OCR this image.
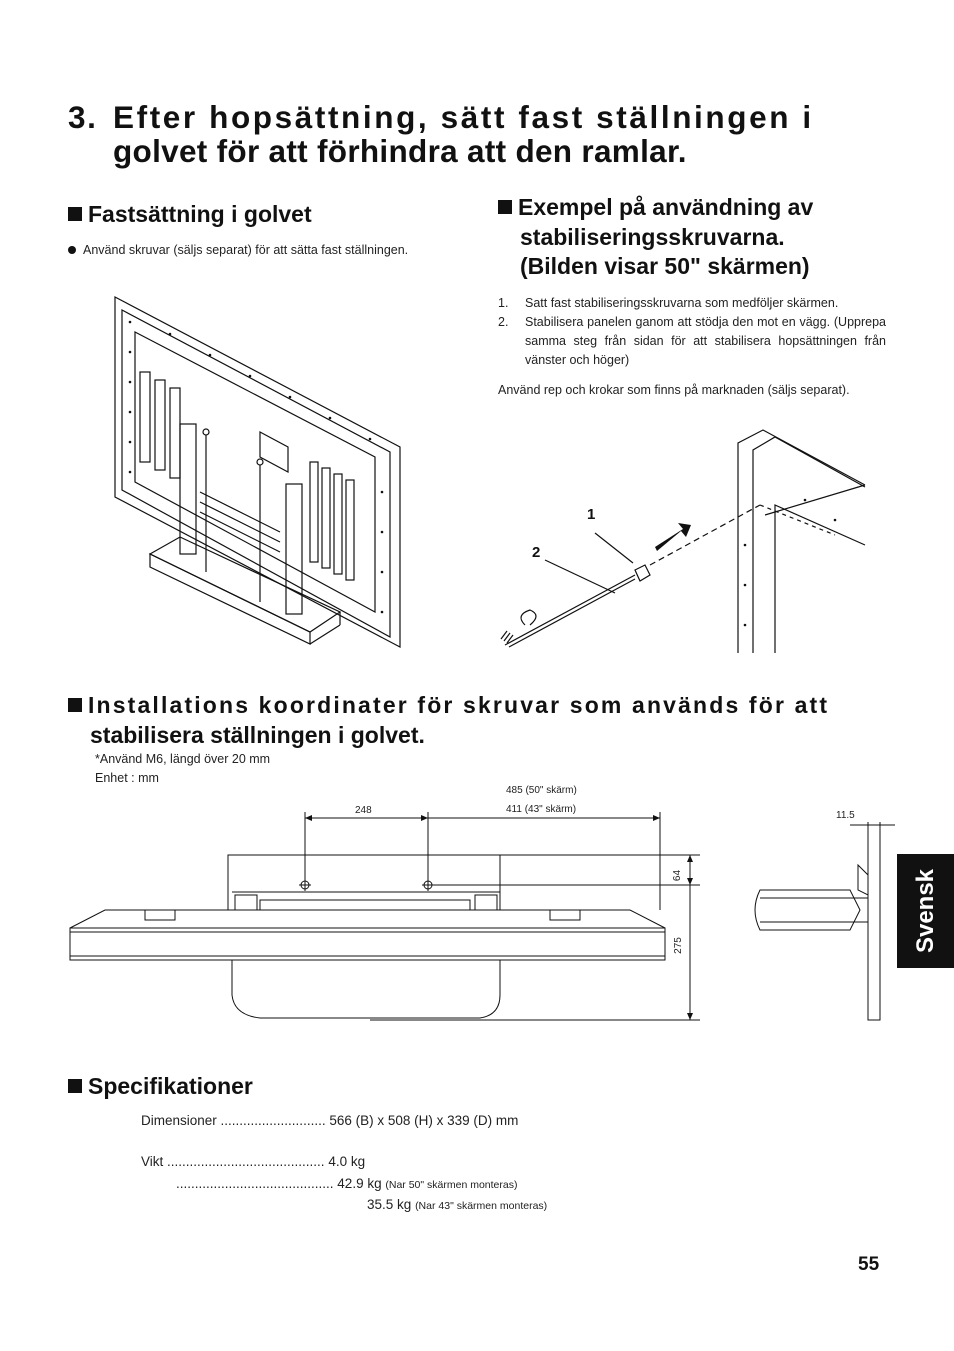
3. Efter hopsättning, sätt fast ställningen i
golvet för att förhindra att den ramlar.
Fastsättning i golvet
Använd skruvar (säljs separat) för att sätta fast ställningen.
Exempel på användning av
stabiliseringsskruvarna.
(Bilden visar 50" skärmen)
1.	Satt fast stabiliseringsskruvarna som medföljer skärmen.
2.	Stabilisera panelen ganom att stödja den mot en vägg. (Upprepa samma steg från sidan för att stabilisera hopsättningen från vänster och höger)
Använd rep och krokar som finns på marknaden (säljs separat).
1
2
Installations koordinater för skruvar som används för att
stabilisera ställningen i golvet.
*Använd M6, längd över 20 mm
Enhet : mm
248
485 (50" skärm)
411 (43" skärm)
64
275
11.5
Svensk
Specifikationer
Dimensioner ............................ 566 (B) x 508 (H) x 339 (D) mm
Vikt .......................................... 4.0 kg
.......................................... 42.9 kg (Nar 50" skärmen monteras)
35.5 kg (Nar 43" skärmen monteras)
55
